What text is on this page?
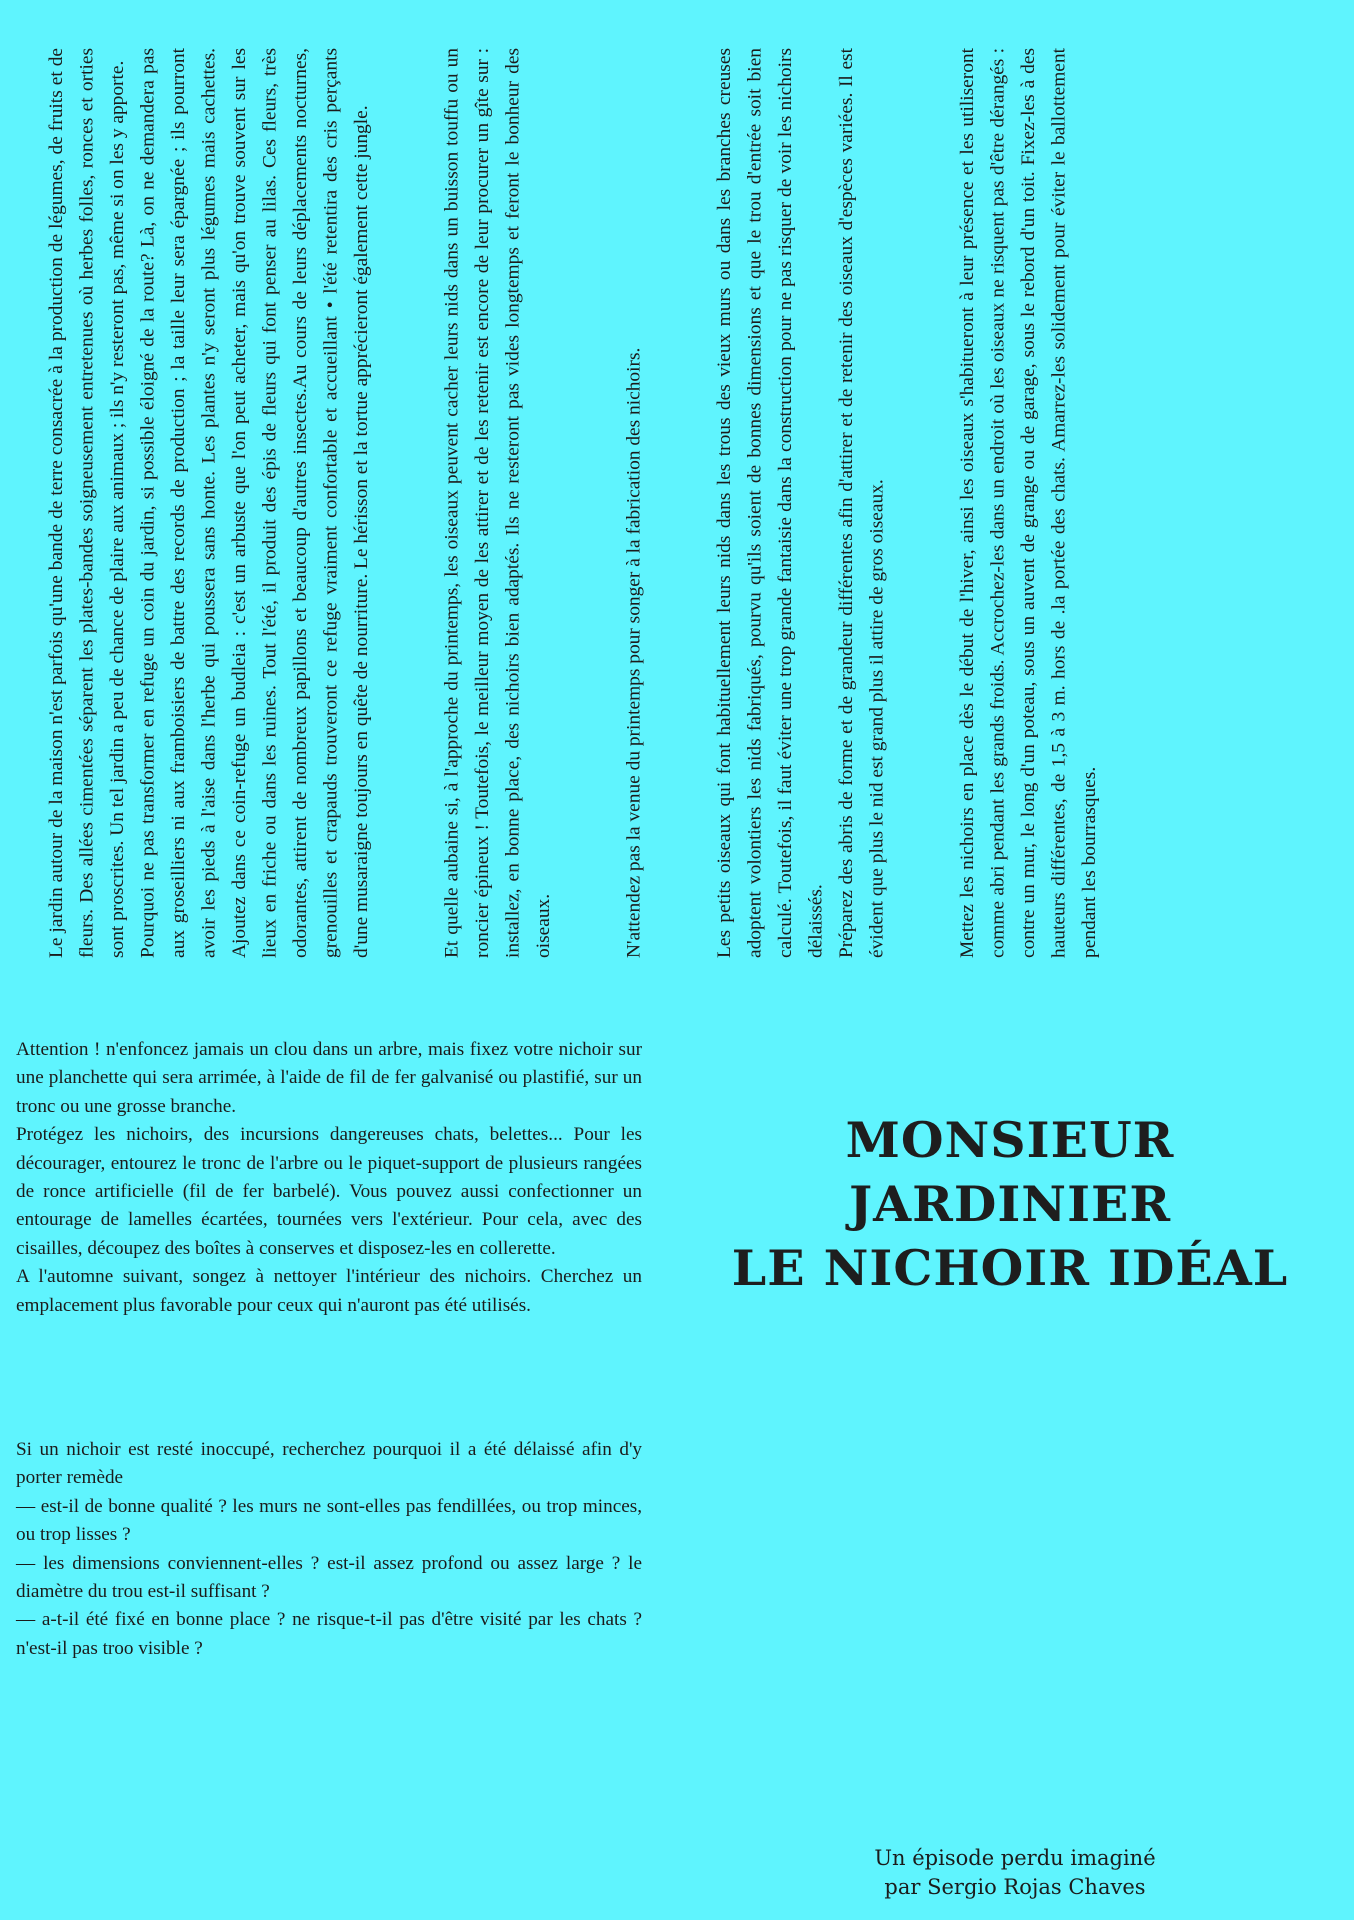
Le jardin autour de la maison n'est parfois qu'une bande de terre consacrée à la production de légumes, de fruits et de fleurs. Des allées cimentées séparent les plates-bandes soigneusement entretenues où herbes folles, ronces et orties sont proscrites. Un tel jardin a peu de chance de plaire aux animaux ; ils n'y resteront pas, même si on les y apporte. Pourquoi ne pas transformer en refuge un coin du jardin, si possible éloigné de la route? Là, on ne demandera pas aux groseilliers ni aux framboisiers de battre des records de production ; la taille leur sera épargnée ; ils pourront avoir les pieds à l'aise dans l'herbe qui poussera sans honte. Les plantes n'y seront plus légumes mais cachettes. Ajoutez dans ce coin-refuge un budleia : c'est un arbuste que l'on peut acheter, mais qu'on trouve souvent sur les lieux en friche ou dans les ruines. Tout l'été, il produit des épis de fleurs qui font penser au lilas. Ces fleurs, très odorantes, attirent de nombreux papillons et beaucoup d'autres insectes.Au cours de leurs déplacements nocturnes, grenouilles et crapauds trouveront ce refuge vraiment confortable et accueillant • l'été retentira des cris perçants d'une musaraigne toujours en quête de nourriture. Le hérisson et la tortue apprécieront également cette jungle.	Et quelle aubaine si, à l'approche du printemps, les oiseaux peuvent cacher leurs nids dans un buisson touffu ou un roncier épineux ! Toutefois, le meilleur moyen de les attirer et de les retenir est encore de leur procurer un gîte sur : installez, en bonne place, des nichoirs bien adaptés. Ils ne resteront pas vides longtemps et feront le bonheur des oiseaux.	N'attendez pas la venue du printemps pour songer à la fabrication des nichoirs.	Les petits oiseaux qui font habituellement leurs nids dans les trous des vieux murs ou dans les branches creuses adoptent volontiers les nids fabriqués, pourvu qu'ils soient de bonnes dimensions et que le trou d'entrée soit bien calculé. Toutefois, il faut éviter une trop grande fantaisie dans la construction pour ne pas risquer de voir les nichoirs délaissés. Préparez des abris de forme et de grandeur différentes afin d'attirer et de retenir des oiseaux d'espèces variées. Il est évident que plus le nid est grand plus il attire de gros oiseaux.	Mettez les nichoirs en place dès le début de l'hiver, ainsi les oiseaux s'habitueront à leur présence et les utiliseront comme abri pendant les grands froids. Accrochez-les dans un endroit où les oiseaux ne risquent pas d'être dérangés : contre un mur, le long d'un poteau, sous un auvent de grange ou de garage, sous le rebord d'un toit. Fixez-les à des hauteurs différentes, de 1,5 à 3 m. hors de .la portée des chats. Amarrez-les solidement pour éviter le ballottement pendant les bourrasques.

Attention ! n'enfoncez jamais un clou dans un arbre, mais fixez votre nichoir sur une planchette qui sera arrimée, à l'aide de fil de fer galvanisé ou plastifié, sur un tronc ou une grosse branche.

Protégez les nichoirs, des incursions dangereuses chats, belettes... Pour les décourager, entourez le tronc de l'arbre ou le piquet-support de plusieurs rangées de ronce artificielle (fil de fer barbelé). Vous pouvez aussi confectionner un entourage de lamelles écartées, tournées vers l'extérieur. Pour cela, avec des cisailles, découpez des boîtes à conserves et disposez-les en collerette.

A l'automne suivant, songez à nettoyer l'intérieur des nichoirs. Cherchez un emplacement plus favorable pour ceux qui n'auront pas été utilisés.

Si un nichoir est resté inoccupé, recherchez pourquoi il a été délaissé afin d'y porter remède

— est-il de bonne qualité ? les murs ne sont-elles pas fendillées, ou trop minces, ou trop lisses ?

— les dimensions conviennent-elles ? est-il assez profond ou assez large ? le diamètre du trou est-il suffisant ?

— a-t-il été fixé en bonne place ? ne risque-t-il pas d'être visité par les chats ? n'est-il pas troo visible ?

MONSIEUR JARDINIER
LE NICHOIR IDÉAL
Un épisode perdu imaginé
par Sergio Rojas Chaves
